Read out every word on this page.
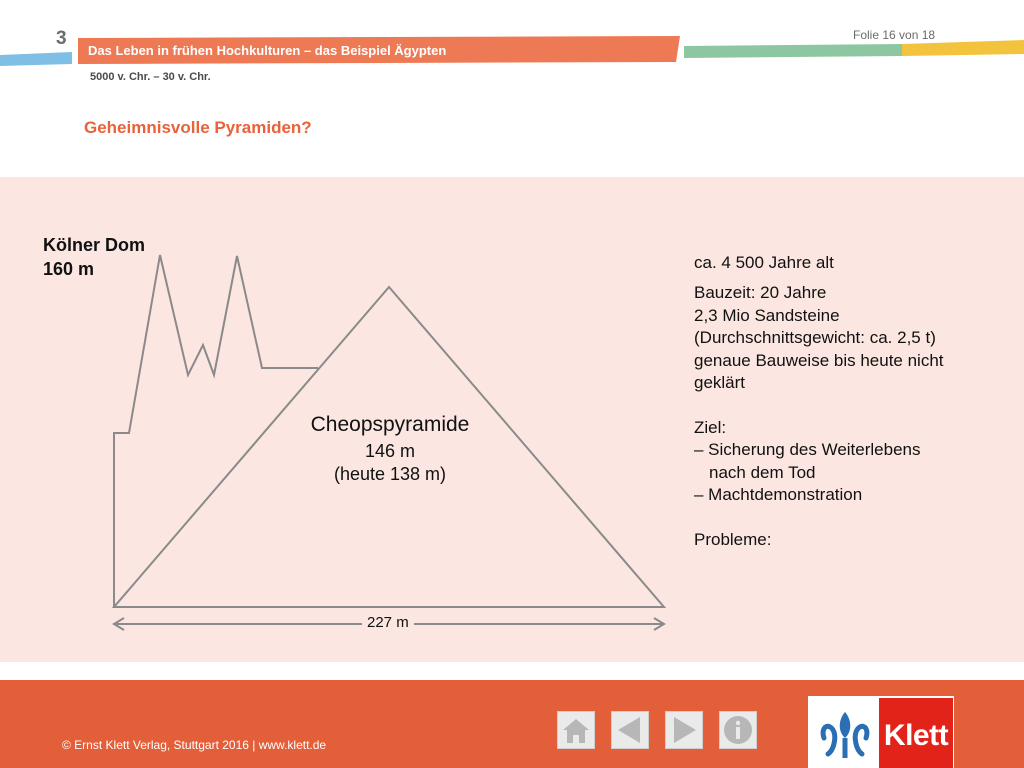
3	Folie 16 von 18
Das Leben in frühen Hochkulturen – das Beispiel Ägypten
5000 v. Chr. – 30 v. Chr.
Geheimnisvolle Pyramiden?
Kölner Dom
160 m
Cheopspyramide
146 m
(heute 138 m)
227 m
ca. 4 500 Jahre alt
Bauzeit: 20 Jahre
2,3 Mio Sandsteine
(Durchschnittsgewicht: ca. 2,5 t)
genaue Bauweise bis heute nicht
geklärt
Ziel:
– Sicherung des Weiterlebens
nach dem Tod
– Machtdemonstration
Probleme:
© Ernst Klett Verlag, Stuttgart 2016 | www.klett.de	Klett
